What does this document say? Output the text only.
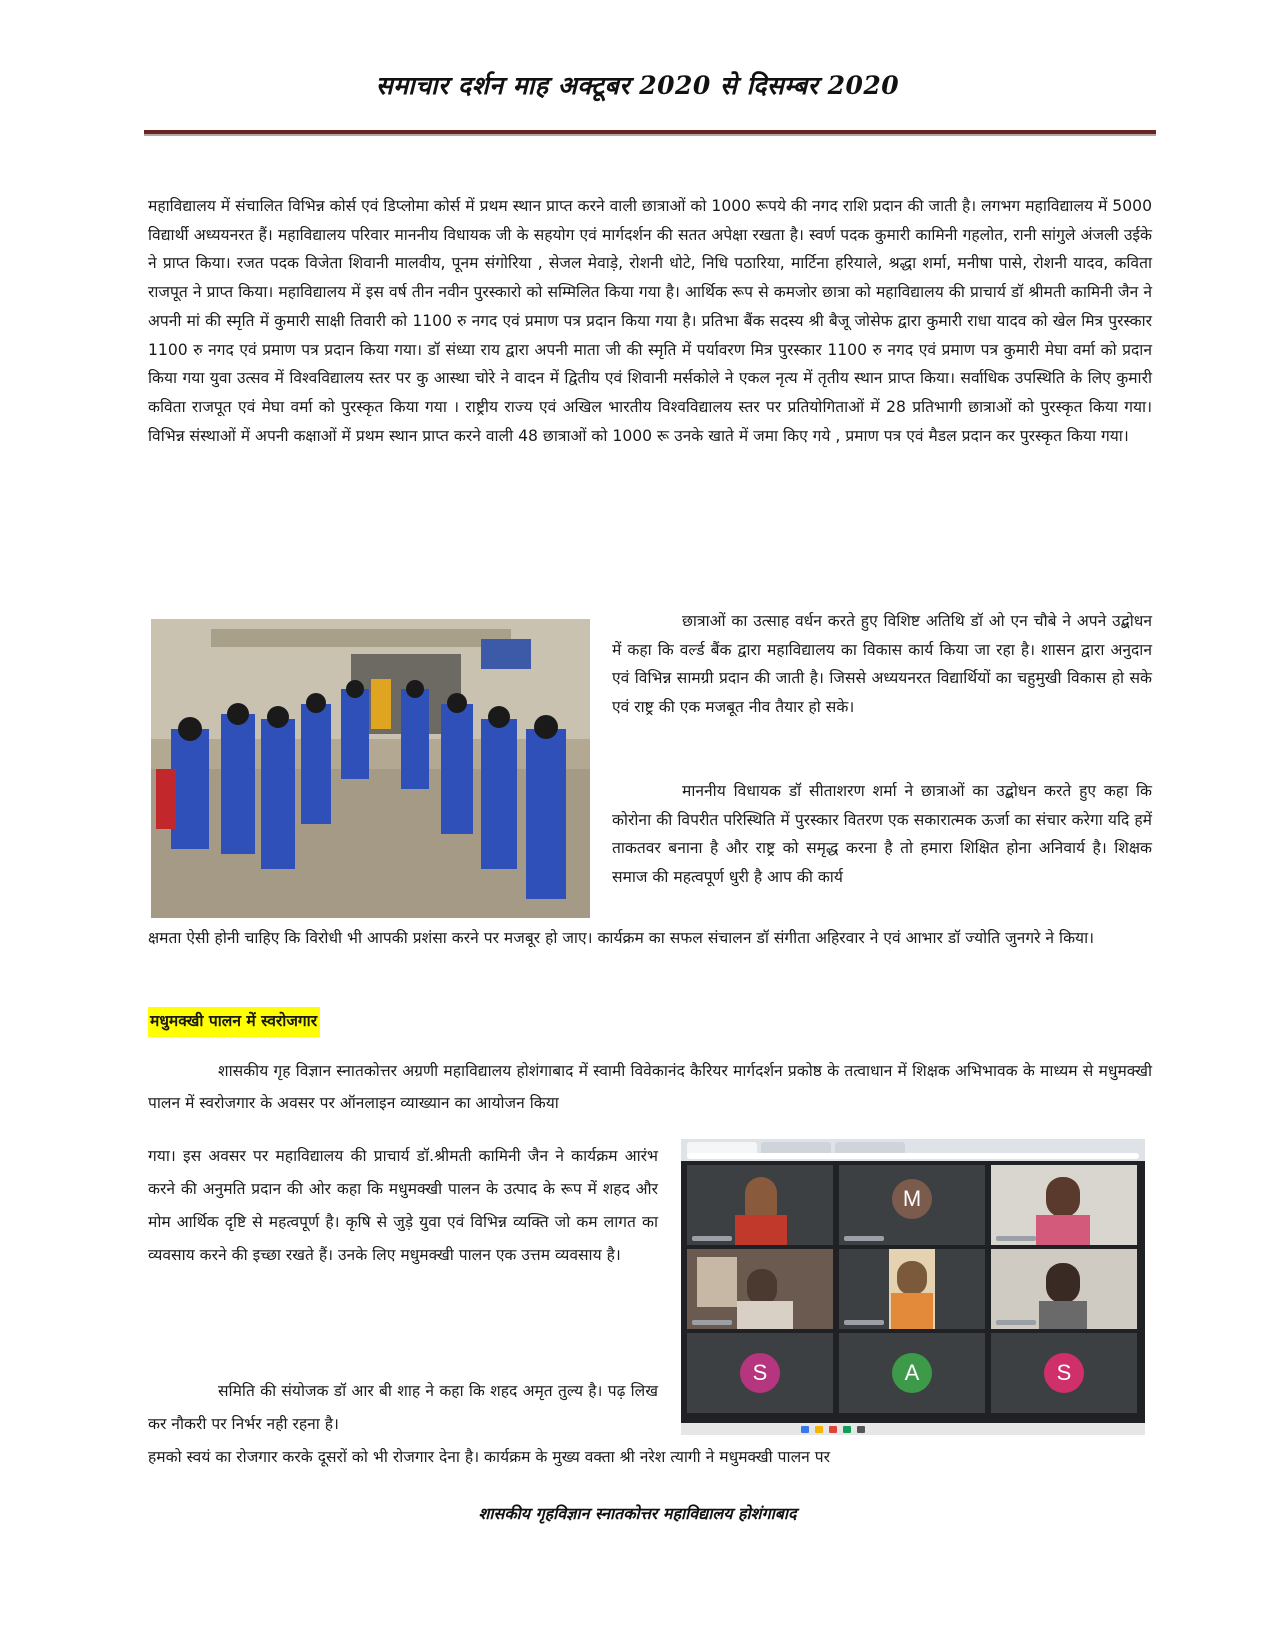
समाचार दर्शन माह अक्टूबर 2020 से दिसम्बर 2020

महाविद्यालय में संचालित विभिन्न कोर्स एवं डिप्लोमा कोर्स में प्रथम स्थान प्राप्त करने वाली छात्राओं को 1000 रूपये की नगद राशि प्रदान की जाती है। लगभग महाविद्यालय में 5000 विद्यार्थी अध्ययनरत हैं। महाविद्यालय परिवार माननीय विधायक जी के सहयोग एवं मार्गदर्शन की सतत अपेक्षा रखता है। स्वर्ण पदक कुमारी कामिनी गहलोत, रानी सांगुले अंजली उईके ने प्राप्त किया। रजत पदक विजेता शिवानी मालवीय, पूनम संगोरिया , सेजल मेवाड़े, रोशनी धोटे, निधि पठारिया, मार्टिना हरियाले, श्रद्धा शर्मा, मनीषा पासे, रोशनी यादव, कविता राजपूत ने प्राप्त किया। महाविद्यालय में इस वर्ष तीन नवीन पुरस्कारो को सम्मिलित किया गया है। आर्थिक रूप से कमजोर छात्रा को महाविद्यालय की प्राचार्य डॉ श्रीमती कामिनी जैन ने अपनी मां की स्मृति में कुमारी साक्षी तिवारी को 1100 रु नगद एवं प्रमाण पत्र प्रदान किया गया है। प्रतिभा बैंक सदस्य श्री बैजू जोसेफ द्वारा कुमारी राधा यादव को खेल मित्र पुरस्कार 1100 रु नगद एवं प्रमाण पत्र प्रदान किया गया। डॉ संध्या राय द्वारा अपनी माता जी की स्मृति में पर्यावरण मित्र पुरस्कार 1100 रु नगद एवं प्रमाण पत्र कुमारी मेघा वर्मा को प्रदान किया गया युवा उत्सव में विश्वविद्यालय स्तर पर कु आस्था चोरे ने वादन में द्वितीय एवं शिवानी मर्सकोले ने एकल नृत्य में तृतीय स्थान प्राप्त किया। सर्वाधिक उपस्थिति के लिए कुमारी कविता राजपूत एवं मेघा वर्मा को पुरस्कृत किया गया । राष्ट्रीय राज्य एवं अखिल भारतीय विश्वविद्यालय स्तर पर प्रतियोगिताओं में 28 प्रतिभागी छात्राओं को पुरस्कृत किया गया। विभिन्न संस्थाओं में अपनी कक्षाओं में प्रथम स्थान प्राप्त करने वाली 48 छात्राओं को 1000 रू उनके खाते में जमा किए गये , प्रमाण पत्र एवं मैडल प्रदान कर पुरस्कृत किया गया।

छात्राओं का उत्साह वर्धन करते हुए विशिष्ट अतिथि डॉ ओ एन चौबे ने अपने उद्बोधन में कहा कि वर्ल्ड बैंक द्वारा महाविद्यालय का विकास कार्य किया जा रहा है। शासन द्वारा अनुदान एवं विभिन्न सामग्री प्रदान की जाती है। जिससे अध्ययनरत विद्यार्थियों का चहुमुखी विकास हो सके एवं राष्ट्र की एक मजबूत नीव तैयार हो सके।

माननीय विधायक डॉ सीताशरण शर्मा ने छात्राओं का उद्बोधन करते हुए कहा कि कोरोना की विपरीत परिस्थिति में पुरस्कार वितरण एक सकारात्मक ऊर्जा का संचार करेगा यदि हमें ताकतवर बनाना है और राष्ट्र को समृद्ध करना है तो हमारा शिक्षित होना अनिवार्य है। शिक्षक समाज की महत्वपूर्ण धुरी है आप की कार्य

क्षमता ऐसी होनी चाहिए कि विरोधी भी आपकी प्रशंसा करने पर मजबूर हो जाए। कार्यक्रम का सफल संचालन डॉ संगीता अहिरवार ने एवं आभार डॉ ज्योति जुनगरे ने किया।

मधुमक्खी पालन में स्वरोजगार

शासकीय गृह विज्ञान स्नातकोत्तर अग्रणी महाविद्यालय होशंगाबाद में स्वामी विवेकानंद कैरियर मार्गदर्शन प्रकोष्ठ के तत्वाधान में शिक्षक अभिभावक के माध्यम से मधुमक्खी पालन में स्वरोजगार के अवसर पर ऑनलाइन व्याख्यान का आयोजन किया

गया। इस अवसर पर महाविद्यालय की प्राचार्य डॉ.श्रीमती कामिनी जैन ने कार्यक्रम आरंभ करने की अनुमति प्रदान की ओर कहा कि मधुमक्खी पालन के उत्पाद के रूप में शहद और मोम आर्थिक दृष्टि से महत्वपूर्ण है। कृषि से जुड़े युवा एवं विभिन्न व्यक्ति जो कम लागत का व्यवसाय करने की इच्छा रखते हैं। उनके लिए मधुमक्खी पालन एक उत्तम व्यवसाय है।

M
S	A	S

समिति की संयोजक डॉ आर बी शाह ने कहा कि शहद अमृत तुल्य है। पढ़ लिख कर नौकरी पर निर्भर नही रहना है।

हमको स्वयं का रोजगार करके दूसरों को भी रोजगार देना है। कार्यक्रम के मुख्य वक्ता श्री नरेश त्यागी ने मधुमक्खी पालन पर

शासकीय गृहविज्ञान स्नातकोत्तर महाविद्यालय होशंगाबाद
